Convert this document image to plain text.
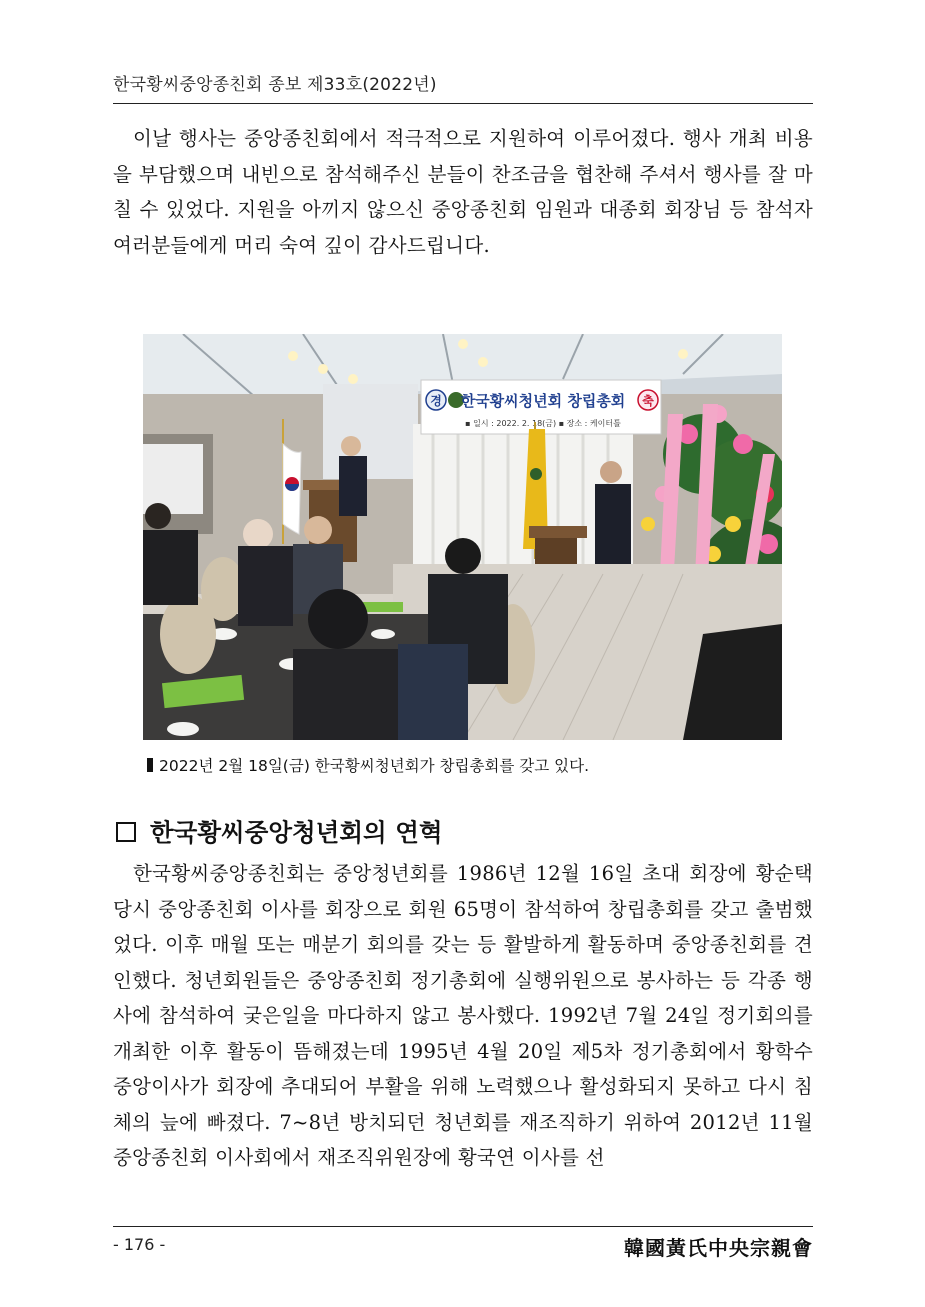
한국황씨중앙종친회 종보 제33호(2022년)

이날 행사는 중앙종친회에서 적극적으로 지원하여 이루어졌다. 행사 개최 비용을 부담했으며 내빈으로 참석해주신 분들이 찬조금을 협찬해 주셔서 행사를 잘 마칠 수 있었다. 지원을 아끼지 않으신 중앙종친회 임원과 대종회 회장님 등 참석자 여러분들에게 머리 숙여 깊이 감사드립니다.

경 한국황씨청년회 창립총회 축
▪ 일시 : 2022. 2. 18(금) ▪ 장소 : 케이터틀
2022년 2월 18일(금) 한국황씨청년회가 창립총회를 갖고 있다.
한국황씨중앙청년회의 연혁

한국황씨중앙종친회는 중앙청년회를 1986년 12월 16일 초대 회장에 황순택 당시 중앙종친회 이사를 회장으로 회원 65명이 참석하여 창립총회를 갖고 출범했었다. 이후 매월 또는 매분기 회의를 갖는 등 활발하게 활동하며 중앙종친회를 견인했다. 청년회원들은 중앙종친회 정기총회에 실행위원으로 봉사하는 등 각종 행사에 참석하여 궂은일을 마다하지 않고 봉사했다. 1992년 7월 24일 정기회의를 개최한 이후 활동이 뜸해졌는데 1995년 4월 20일 제5차 정기총회에서 황학수 중앙이사가 회장에 추대되어 부활을 위해 노력했으나 활성화되지 못하고 다시 침체의 늪에 빠졌다. 7~8년 방치되던 청년회를 재조직하기 위하여 2012년 11월 중앙종친회 이사회에서 재조직위원장에 황국연 이사를 선

- 176 -	韓國黃氏中央宗親會
